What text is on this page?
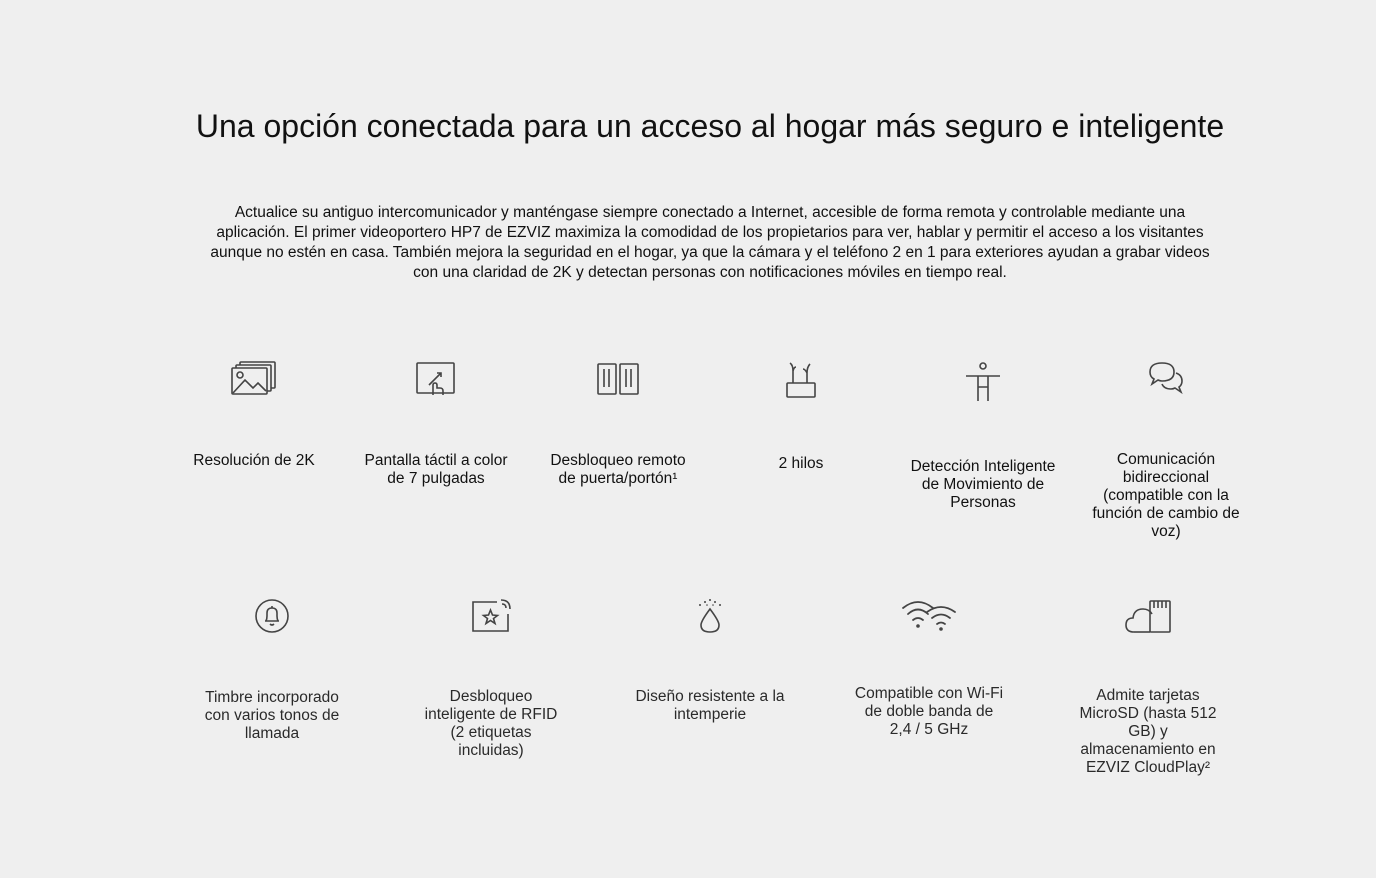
Una opción conectada para un acceso al hogar más seguro e inteligente

Actualice su antiguo intercomunicador y manténgase siempre conectado a Internet, accesible de forma remota y controlable mediante una aplicación. El primer videoportero HP7 de EZVIZ maximiza la comodidad de los propietarios para ver, hablar y permitir el acceso a los visitantes aunque no estén en casa. También mejora la seguridad en el hogar, ya que la cámara y el teléfono 2 en 1 para exteriores ayudan a grabar videos con una claridad de 2K y detectan personas con notificaciones móviles en tiempo real.

Resolución de 2K	Pantalla táctil a color de 7 pulgadas
Desbloqueo remoto de puerta/portón¹
2 hilos	Detección Inteligente de Movimiento de Personas
Comunicación bidireccional (compatible con la función de cambio de voz)
Timbre incorporado con varios tonos de llamada
Desbloqueo inteligente de RFID (2 etiquetas incluidas)
Diseño resistente a la intemperie
Compatible con Wi-Fi de doble banda de 2,4 / 5 GHz
Admite tarjetas MicroSD (hasta 512 GB) y almacenamiento en EZVIZ CloudPlay²
